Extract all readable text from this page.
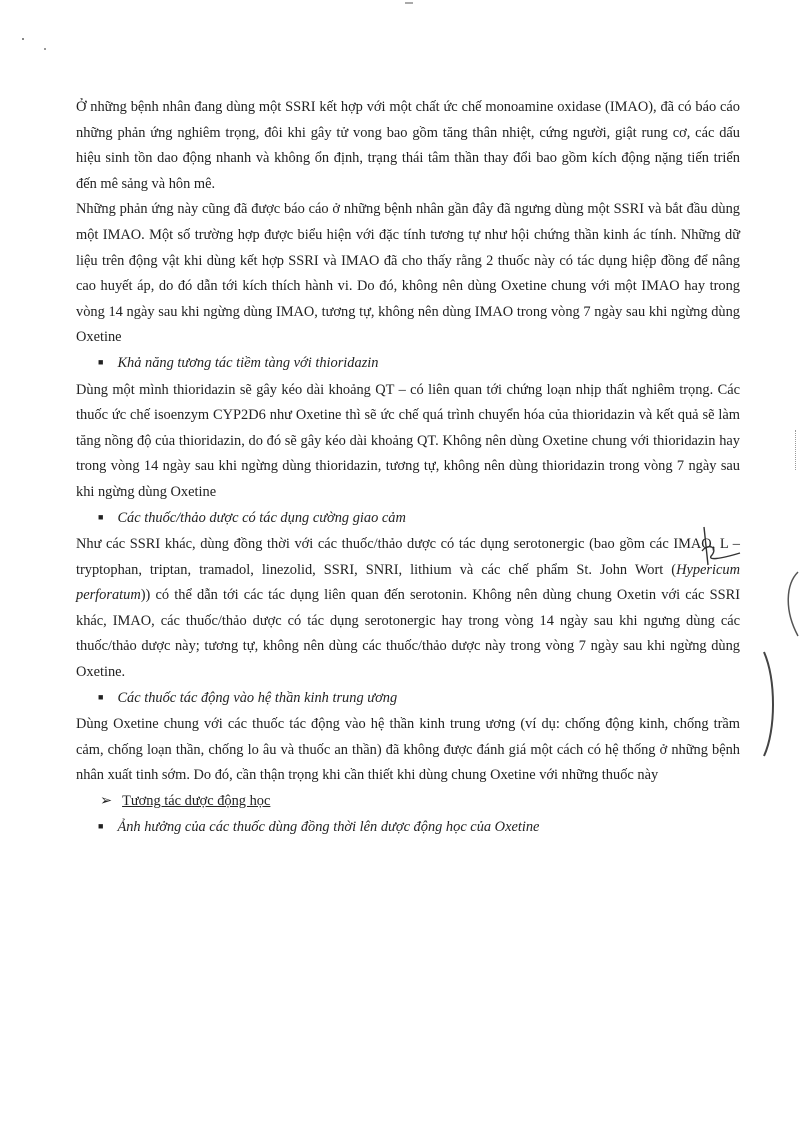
Ở những bệnh nhân đang dùng một SSRI kết hợp với một chất ức chế monoamine oxidase (IMAO), đã có báo cáo những phản ứng nghiêm trọng, đôi khi gây tử vong bao gồm tăng thân nhiệt, cứng người, giật rung cơ, các dấu hiệu sinh tồn dao động nhanh và không ổn định, trạng thái tâm thần thay đổi bao gồm kích động nặng tiến triển đến mê sảng và hôn mê.

Những phản ứng này cũng đã được báo cáo ở những bệnh nhân gần đây đã ngưng dùng một SSRI và bắt đầu dùng một IMAO. Một số trường hợp được biểu hiện với đặc tính tương tự như hội chứng thần kinh ác tính. Những dữ liệu trên động vật khi dùng kết hợp SSRI và IMAO đã cho thấy rằng 2 thuốc này có tác dụng hiệp đồng để nâng cao huyết áp, do đó dẫn tới kích thích hành vi. Do đó, không nên dùng Oxetine chung với một IMAO hay trong vòng 14 ngày sau khi ngừng dùng IMAO, tương tự, không nên dùng IMAO trong vòng 7 ngày sau khi ngừng dùng Oxetine

■ Khả năng tương tác tiềm tàng với thioridazin

Dùng một mình thioridazin sẽ gây kéo dài khoảng QT – có liên quan tới chứng loạn nhịp thất nghiêm trọng. Các thuốc ức chế isoenzym CYP2D6 như Oxetine thì sẽ ức chế quá trình chuyển hóa của thioridazin và kết quả sẽ làm tăng nồng độ của thioridazin, do đó sẽ gây kéo dài khoảng QT. Không nên dùng Oxetine chung với thioridazin hay trong vòng 14 ngày sau khi ngừng dùng thioridazin, tương tự, không nên dùng thioridazin trong vòng 7 ngày sau khi ngừng dùng Oxetine

■ Các thuốc/thảo dược có tác dụng cường giao cảm

Như các SSRI khác, dùng đồng thời với các thuốc/thảo dược có tác dụng serotonergic (bao gồm các IMAO, L – tryptophan, triptan, tramadol, linezolid, SSRI, SNRI, lithium và các chế phẩm St. John Wort (Hypericum perforatum)) có thể dẫn tới các tác dụng liên quan đến serotonin. Không nên dùng chung Oxetin với các SSRI khác, IMAO, các thuốc/thảo dược có tác dụng serotonergic hay trong vòng 14 ngày sau khi ngưng dùng các thuốc/thảo dược này; tương tự, không nên dùng các thuốc/thảo dược này trong vòng 7 ngày sau khi ngừng dùng Oxetine.

■ Các thuốc tác động vào hệ thần kinh trung ương

Dùng Oxetine chung với các thuốc tác động vào hệ thần kinh trung ương (ví dụ: chống động kinh, chống trầm cảm, chống loạn thần, chống lo âu và thuốc an thần) đã không được đánh giá một cách có hệ thống ở những bệnh nhân xuất tinh sớm. Do đó, cần thận trọng khi cần thiết khi dùng chung Oxetine với những thuốc này

➢ Tương tác dược động học

■ Ảnh hưởng của các thuốc dùng đồng thời lên dược động học của Oxetine
